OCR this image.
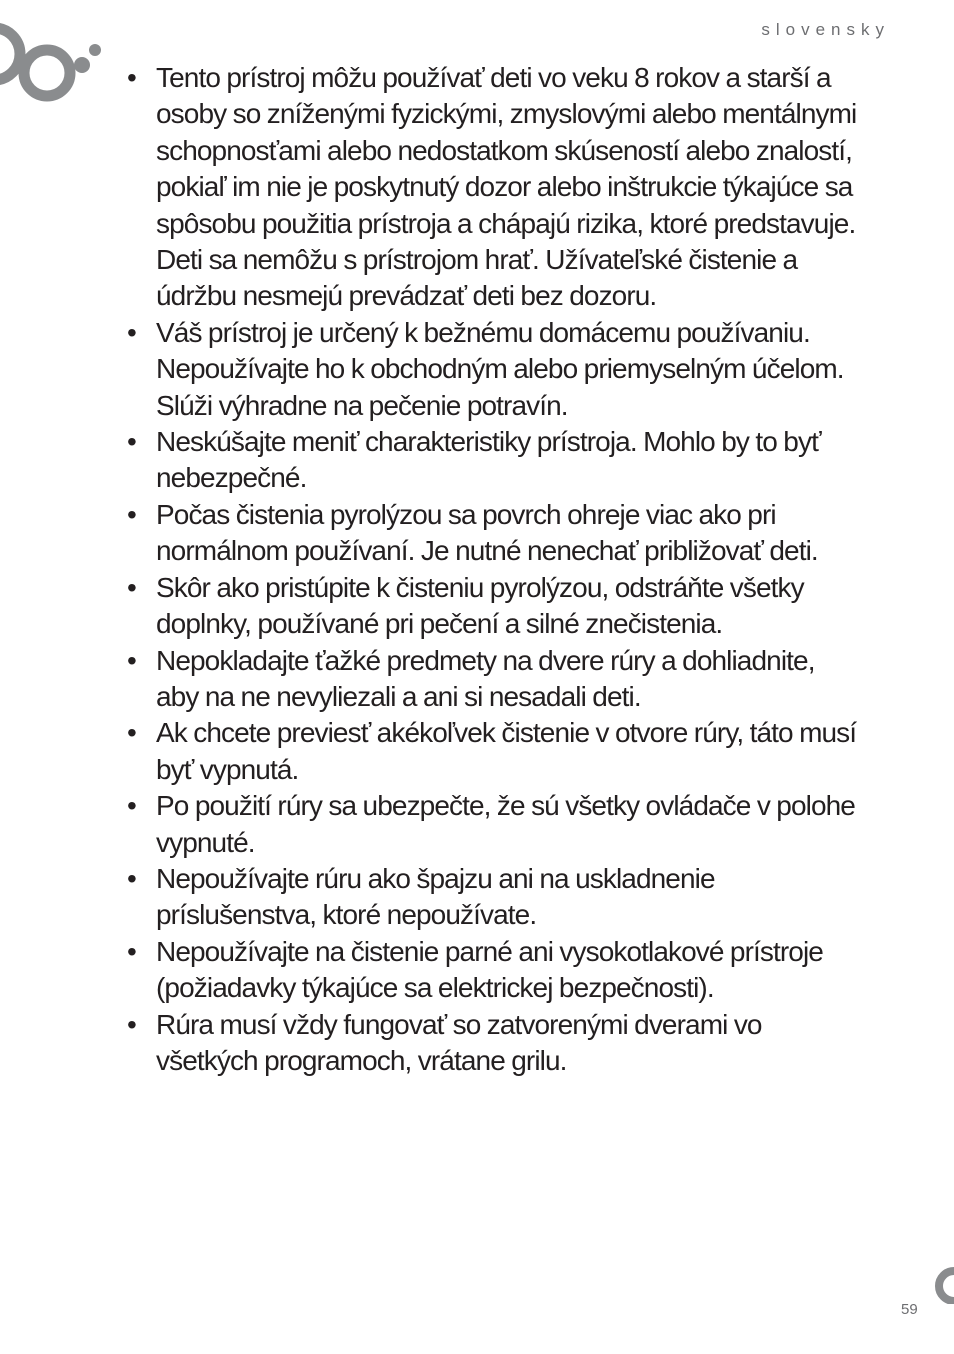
slovensky
• Tento prístroj môžu používať deti vo veku 8 rokov a starší a
osoby so zníženými fyzickými, zmyslovými alebo mentálnymi
schopnosťami alebo nedostatkom skúseností alebo znalostí,
pokiaľ im nie je poskytnutý dozor alebo inštrukcie týkajúce sa
spôsobu použitia prístroja a chápajú rizika, ktoré predstavuje.
Deti sa nemôžu s prístrojom hrať. Užívateľské čistenie a
údržbu nesmejú prevádzať deti bez dozoru.
• Váš prístroj je určený k bežnému domácemu používaniu.
Nepoužívajte ho k obchodným alebo priemyselným účelom.
Slúži výhradne na pečenie potravín.
• Neskúšajte meniť charakteristiky prístroja. Mohlo by to byť
nebezpečné.
• Počas čistenia pyrolýzou sa povrch ohreje viac ako pri
normálnom používaní. Je nutné nenechať približovať deti.
• Skôr ako pristúpite k čisteniu pyrolýzou, odstráňte všetky
doplnky, používané pri pečení a silné znečistenia.
• Nepokladajte ťažké predmety na dvere rúry a dohliadnite,
aby na ne nevyliezali a ani si nesadali deti.
• Ak chcete previesť akékoľvek čistenie v otvore rúry, táto musí
byť vypnutá.
• Po použití rúry sa ubezpečte, že sú všetky ovládače v polohe
vypnuté.
• Nepoužívajte rúru ako špajzu ani na uskladnenie
príslušenstva, ktoré nepoužívate.
• Nepoužívajte na čistenie parné ani vysokotlakové prístroje
(požiadavky týkajúce sa elektrickej bezpečnosti).
• Rúra musí vždy fungovať so zatvorenými dverami vo
všetkých programoch, vrátane grilu.
59
